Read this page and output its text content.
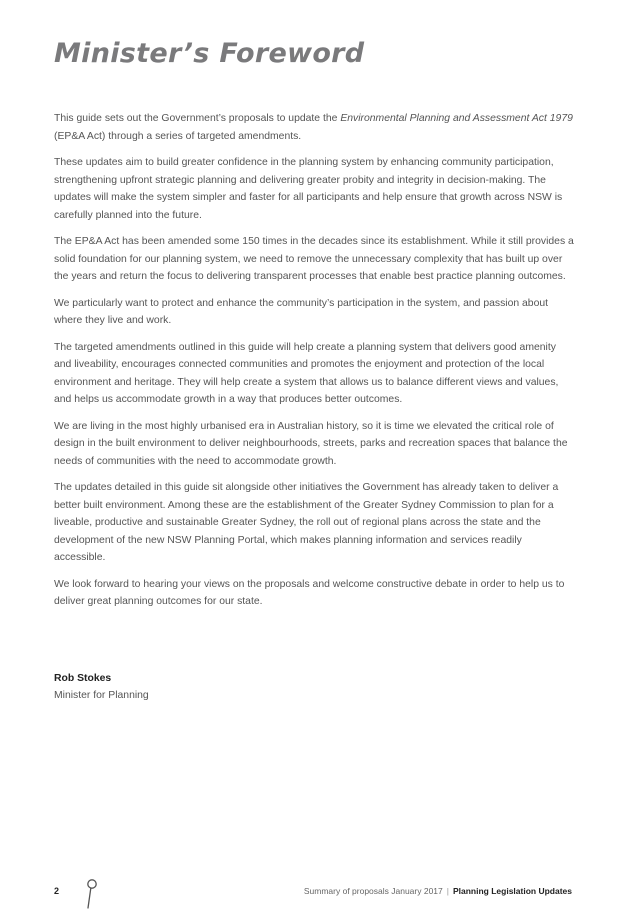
Minister’s Foreword

This guide sets out the Government’s proposals to update the Environmental Planning and Assessment Act 1979 (EP&A Act) through a series of targeted amendments.

These updates aim to build greater confidence in the planning system by enhancing community participation, strengthening upfront strategic planning and delivering greater probity and integrity in decision-making. The updates will make the system simpler and faster for all participants and help ensure that growth across NSW is carefully planned into the future.

The EP&A Act has been amended some 150 times in the decades since its establishment. While it still provides a solid foundation for our planning system, we need to remove the unnecessary complexity that has built up over the years and return the focus to delivering transparent processes that enable best practice planning outcomes.

We particularly want to protect and enhance the community’s participation in the system, and passion about where they live and work.

The targeted amendments outlined in this guide will help create a planning system that delivers good amenity and liveability, encourages connected communities and promotes the enjoyment and protection of the local environment and heritage. They will help create a system that allows us to balance different views and values, and helps us accommodate growth in a way that produces better outcomes.

We are living in the most highly urbanised era in Australian history, so it is time we elevated the critical role of design in the built environment to deliver neighbourhoods, streets, parks and recreation spaces that balance the needs of communities with the need to accommodate growth.

The updates detailed in this guide sit alongside other initiatives the Government has already taken to deliver a better built environment. Among these are the establishment of the Greater Sydney Commission to plan for a liveable, productive and sustainable Greater Sydney, the roll out of regional plans across the state and the development of the new NSW Planning Portal, which makes planning information and services readily accessible.

We look forward to hearing your views on the proposals and welcome constructive debate in order to help us to deliver great planning outcomes for our state.

Rob Stokes
Minister for Planning
2	Summary of proposals January 2017 | Planning Legislation Updates
